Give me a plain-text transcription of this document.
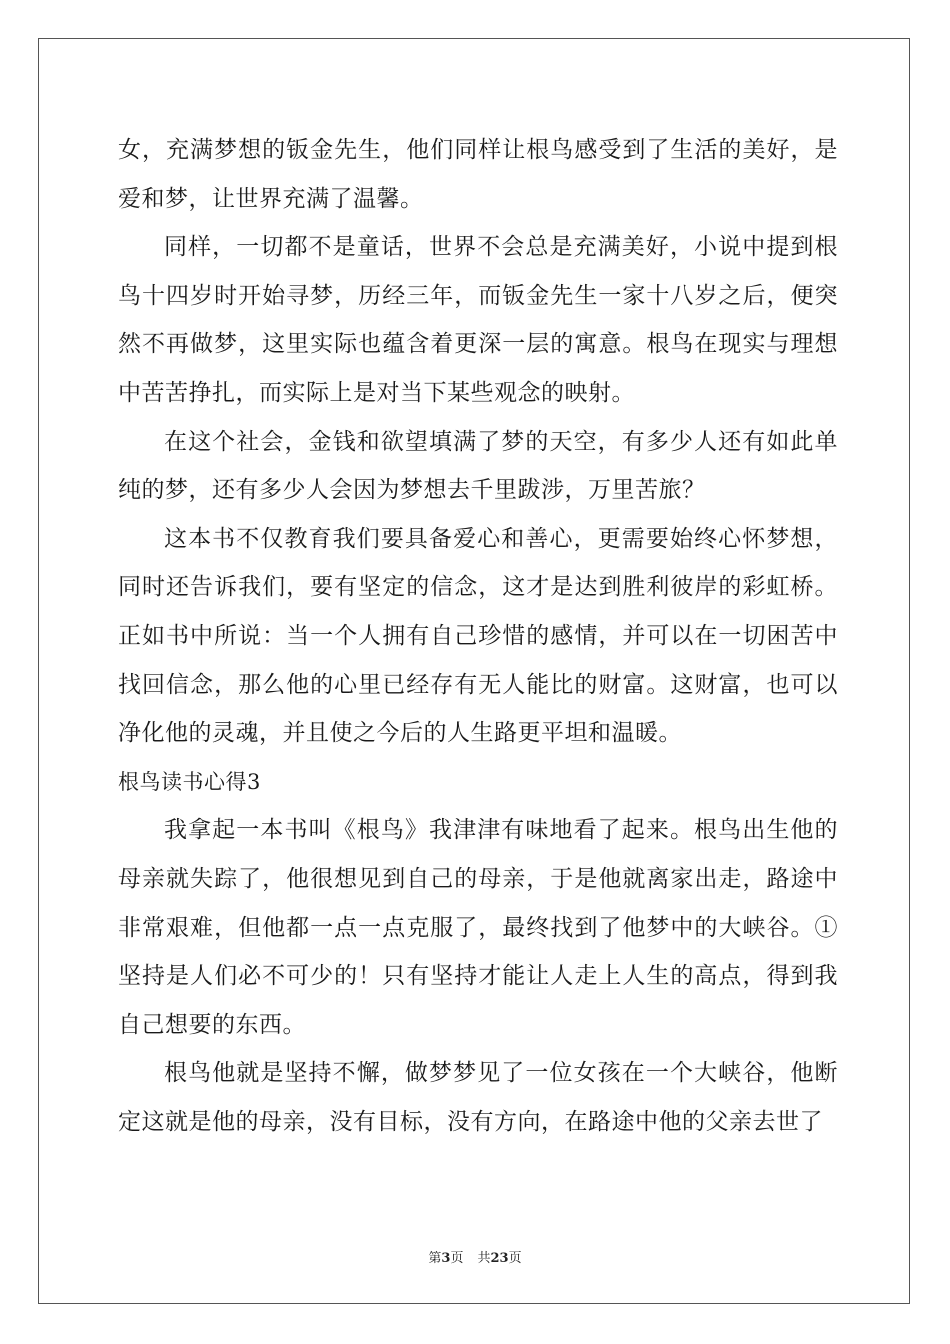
女，充满梦想的钣金先生，他们同样让根鸟感受到了生活的美好，是爱和梦，让世界充满了温馨。

同样，一切都不是童话，世界不会总是充满美好，小说中提到根鸟十四岁时开始寻梦，历经三年，而钣金先生一家十八岁之后，便突然不再做梦，这里实际也蕴含着更深一层的寓意。根鸟在现实与理想中苦苦挣扎，而实际上是对当下某些观念的映射。

在这个社会，金钱和欲望填满了梦的天空，有多少人还有如此单纯的梦，还有多少人会因为梦想去千里跋涉，万里苦旅？

这本书不仅教育我们要具备爱心和善心，更需要始终心怀梦想，同时还告诉我们，要有坚定的信念，这才是达到胜利彼岸的彩虹桥。正如书中所说：当一个人拥有自己珍惜的感情，并可以在一切困苦中找回信念，那么他的心里已经存有无人能比的财富。这财富，也可以净化他的灵魂，并且使之今后的人生路更平坦和温暖。

根鸟读书心得3

我拿起一本书叫《根鸟》我津津有味地看了起来。根鸟出生他的母亲就失踪了，他很想见到自己的母亲，于是他就离家出走，路途中非常艰难，但他都一点一点克服了，最终找到了他梦中的大峡谷。①坚持是人们必不可少的！只有坚持才能让人走上人生的高点，得到我自己想要的东西。

根鸟他就是坚持不懈，做梦梦见了一位女孩在一个大峡谷，他断定这就是他的母亲，没有目标，没有方向，在路途中他的父亲去世了

第3页 共23页
